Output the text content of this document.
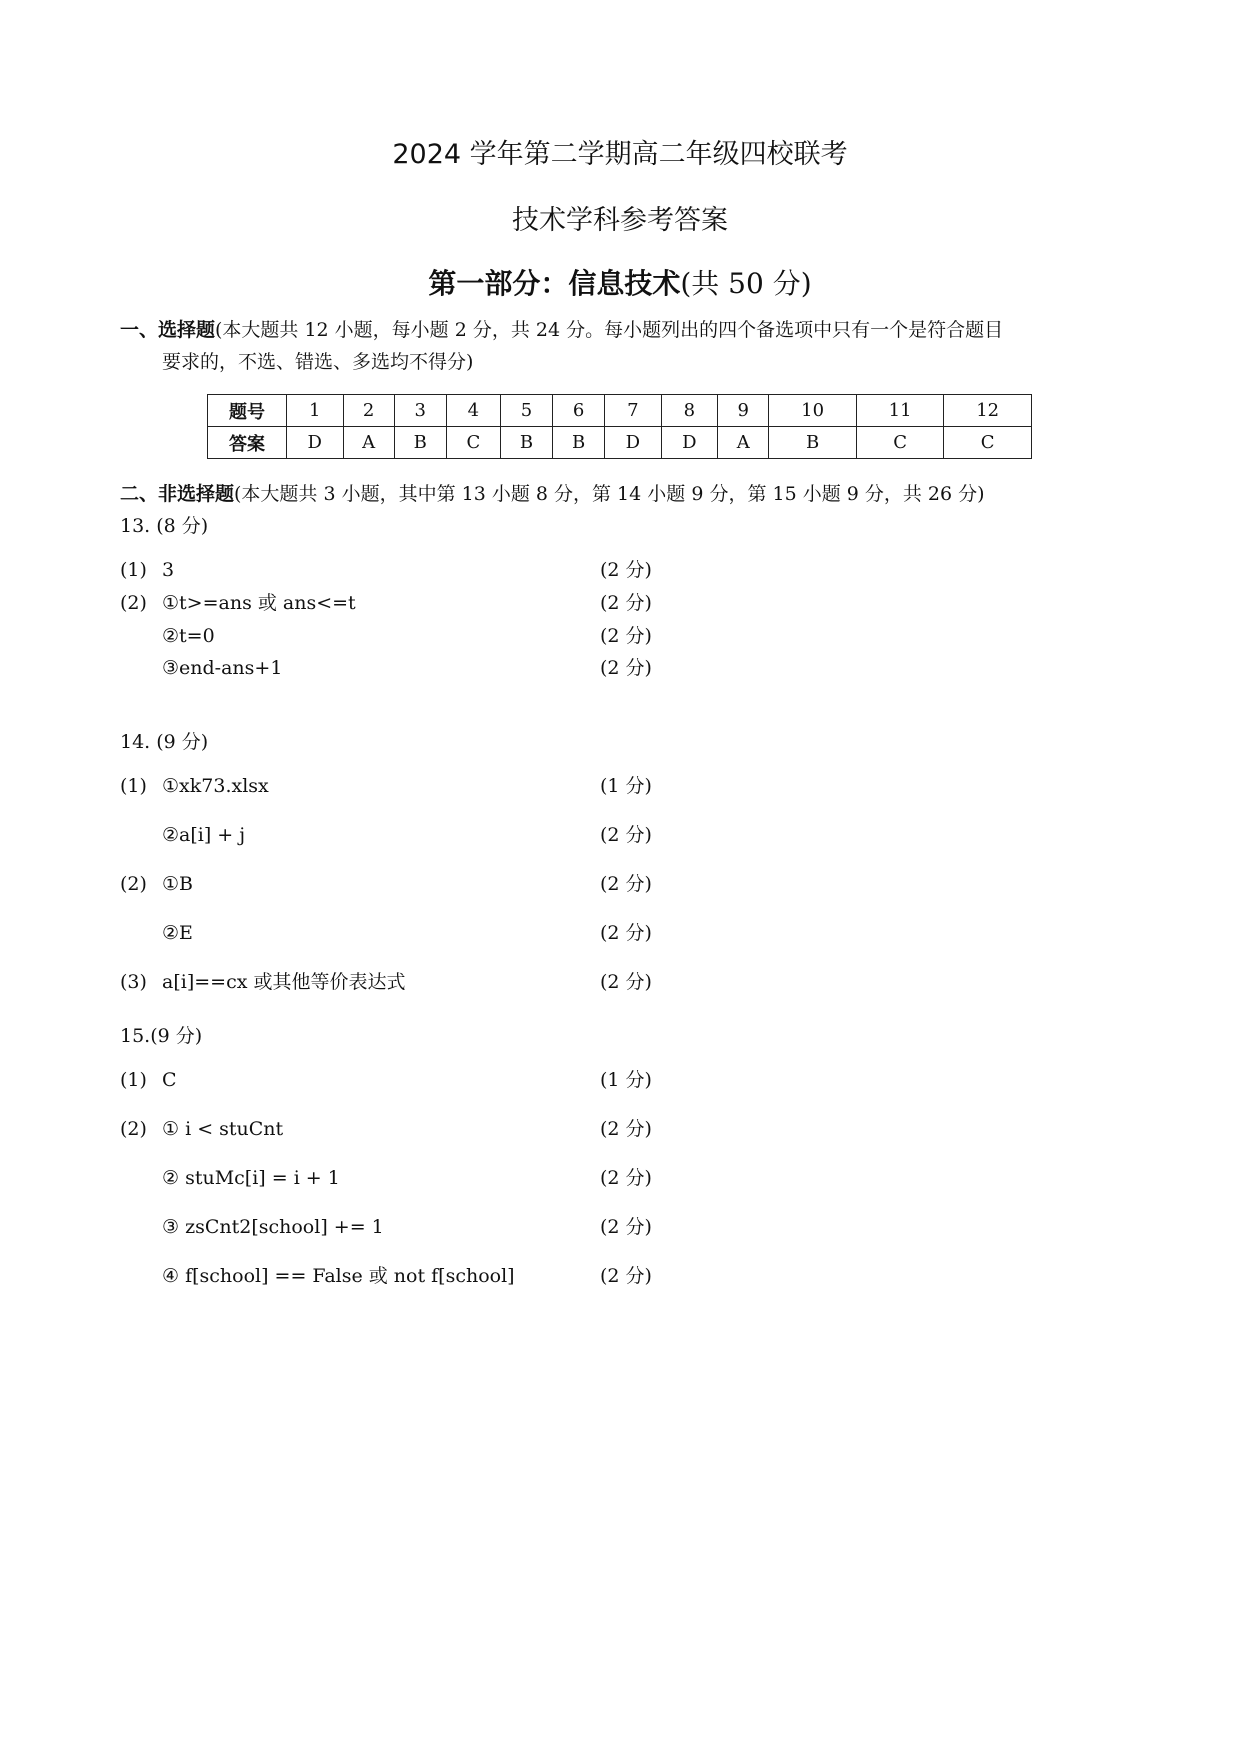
2024 学年第二学期高二年级四校联考
技术学科参考答案
第一部分：信息技术(共 50 分)
一、选择题(本大题共 12 小题，每小题 2 分，共 24 分。每小题列出的四个备选项中只有一个是符合题目
要求的，不选、错选、多选均不得分)
题号	1	2	3	4	5	6	7	8	9	10	11	12
答案	D	A	B	C	B	B	D	D	A	B	C	C
二、非选择题(本大题共 3 小题，其中第 13 小题 8 分，第 14 小题 9 分，第 15 小题 9 分，共 26 分)
13. (8 分)
(1) 3	(2 分)
(2) ①t>=ans 或 ans<=t	(2 分)
②t=0	(2 分)
③end-ans+1	(2 分)
14. (9 分)
(1) ①xk73.xlsx	(1 分)
②a[i] + j	(2 分)
(2) ①B	(2 分)
②E	(2 分)
(3) a[i]==cx 或其他等价表达式	(2 分)
15.(9 分)
(1) C	(1 分)
(2) ① i < stuCnt	(2 分)
② stuMc[i] = i + 1	(2 分)
③ zsCnt2[school] += 1	(2 分)
④ f[school] == False 或 not f[school]	(2 分)
